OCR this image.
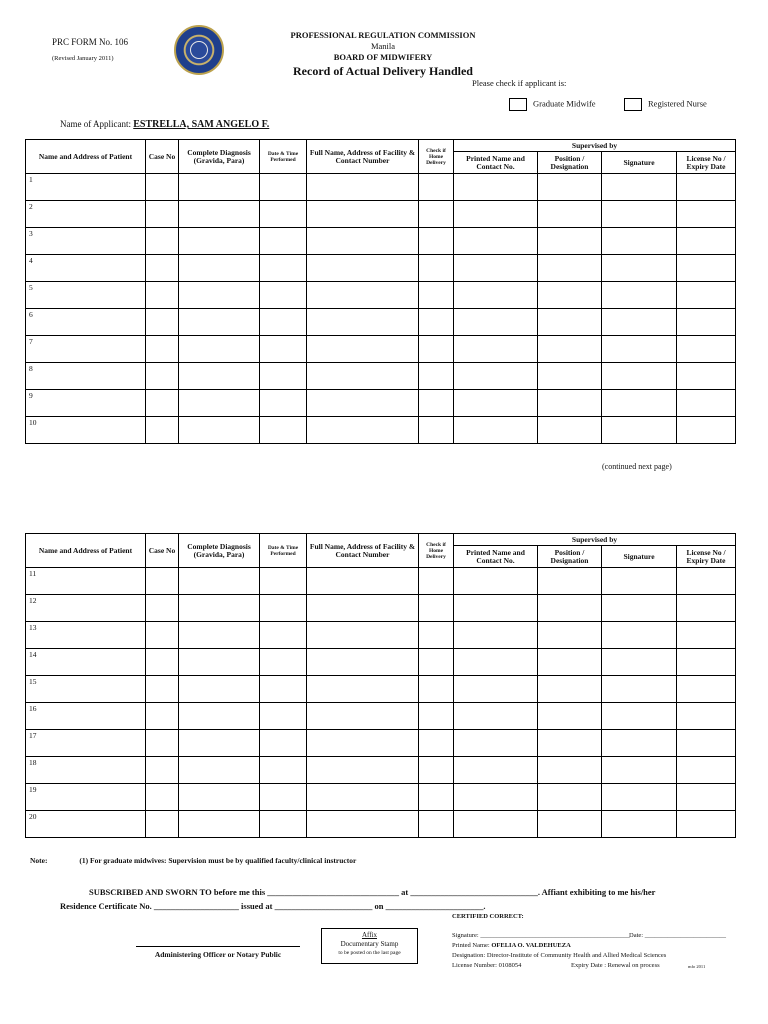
PRC FORM No. 106
(Revised January 2011)
PROFESSIONAL REGULATION COMMISSION
Manila
BOARD OF MIDWIFERY
Record of Actual Delivery Handled
Please check if applicant is:
Graduate Midwife	Registered Nurse
Name of Applicant: ESTRELLA, SAM ANGELO F.
Name and Address of Patient	Case No	Complete Diagnosis (Gravida, Para)	Date & Time Performed	Full Name, Address of Facility & Contact Number	Check if Home Delivery	Supervised by			
						Printed Name and Contact No.	Position / Designation	Signature	License No / Expiry Date

1									

2									

3									

4									

5									

6									

7									

8									

9									

10									

(continued next page)
Name and Address of Patient	Case No	Complete Diagnosis (Gravida, Para)	Date & Time Performed	Full Name, Address of Facility & Contact Number	Check if Home Delivery	Supervised by			
						Printed Name and Contact No.	Position / Designation	Signature	License No / Expiry Date

11									

12									

13									

14									

15									

16									

17									

18									

19									

20									

Note:	(1) For graduate midwives: Supervision must be by qualified faculty/clinical instructor
SUBSCRIBED AND SWORN TO before me this _______________________________ at ______________________________. Affiant exhibiting to me his/her
Residence Certificate No. ____________________ issued at _______________________ on _______________________.
Administering Officer or Notary Public
Affix
Documentary Stamp
to be posted on the last page
CERTIFIED CORRECT:
Signature: ______________________________________________ Date: _________________________
Printed Name: OFELIA O. VALDEHUEZA
Designation: Director-Institute of Community Health and Allied Medical Sciences
License Number: 0108054	Expiry Date : Renewal on process	mfo 2011
